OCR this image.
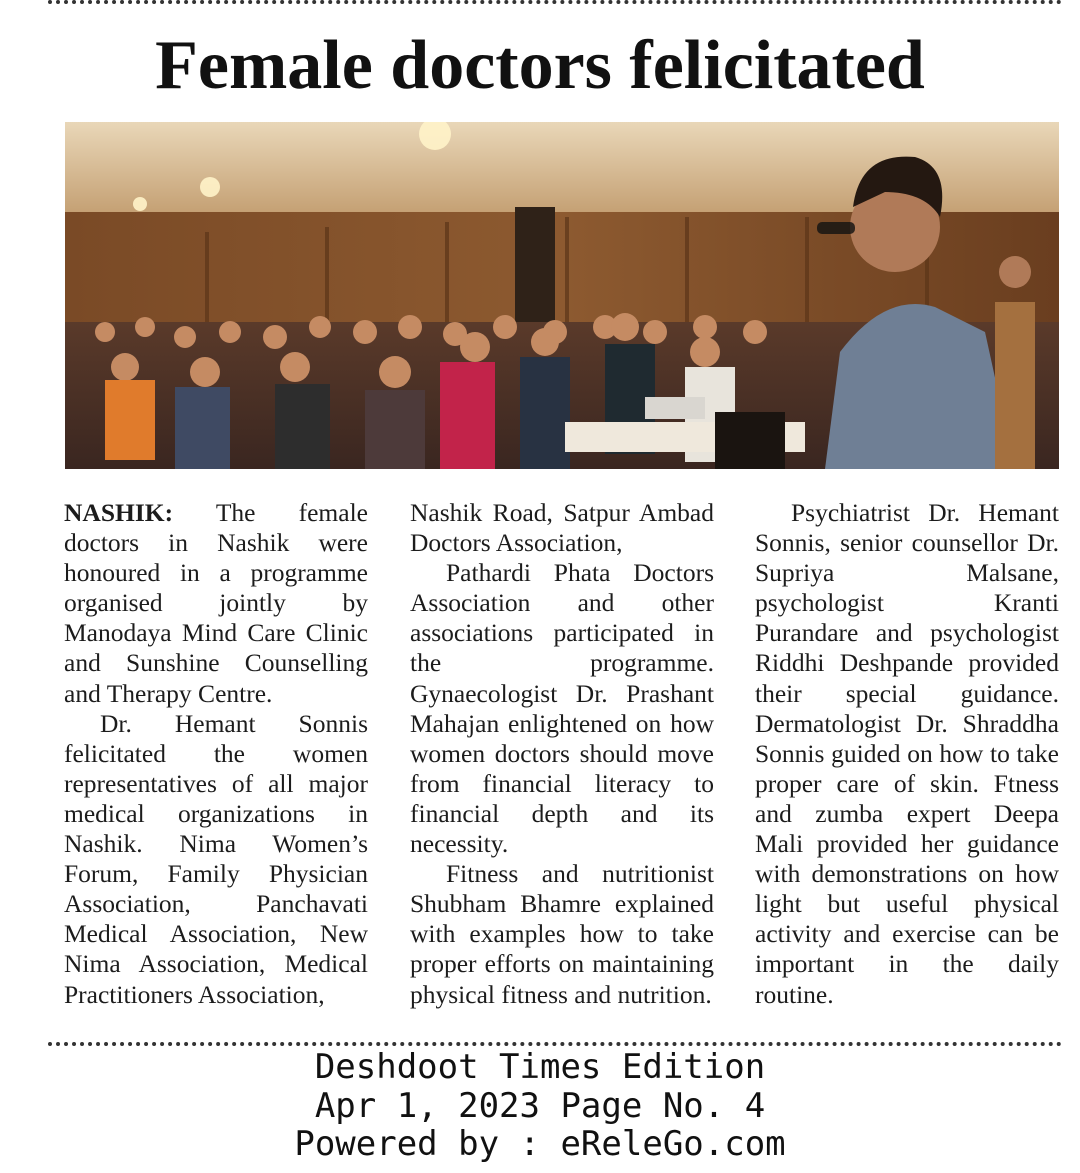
Female doctors felicitated

NASHIK: The female doctors in Nashik were honoured in a programme organised jointly by Manodaya Mind Care Clinic and Sunshine Counselling and Therapy Centre.

Dr. Hemant Sonnis felicitated the women representatives of all major medical organizations in Nashik. Nima Women’s Forum, Family Physician Association, Panchavati Medical Association, New Nima Association, Medical Practitioners Association,

Nashik Road, Satpur Ambad Doctors Association,

Pathardi Phata Doctors Association and other associations participated in the programme. Gynaecologist Dr. Prashant Mahajan enlightened on how women doctors should move from financial literacy to financial depth and its necessity.

Fitness and nutritionist Shubham Bhamre explained with examples how to take proper efforts on maintaining physical fitness and nutrition.

Psychiatrist Dr. Hemant Sonnis, senior counsellor Dr. Supriya Malsane, psychologist Kranti Purandare and psychologist Riddhi Deshpande provided their special guidance. Dermatologist Dr. Shraddha Sonnis guided on how to take proper care of skin. Ftness and zumba expert Deepa Mali provided her guidance with demonstrations on how light but useful physical activity and exercise can be important in the daily routine.

Deshdoot Times Edition
Apr 1, 2023 Page No. 4
Powered by : eReleGo.com
